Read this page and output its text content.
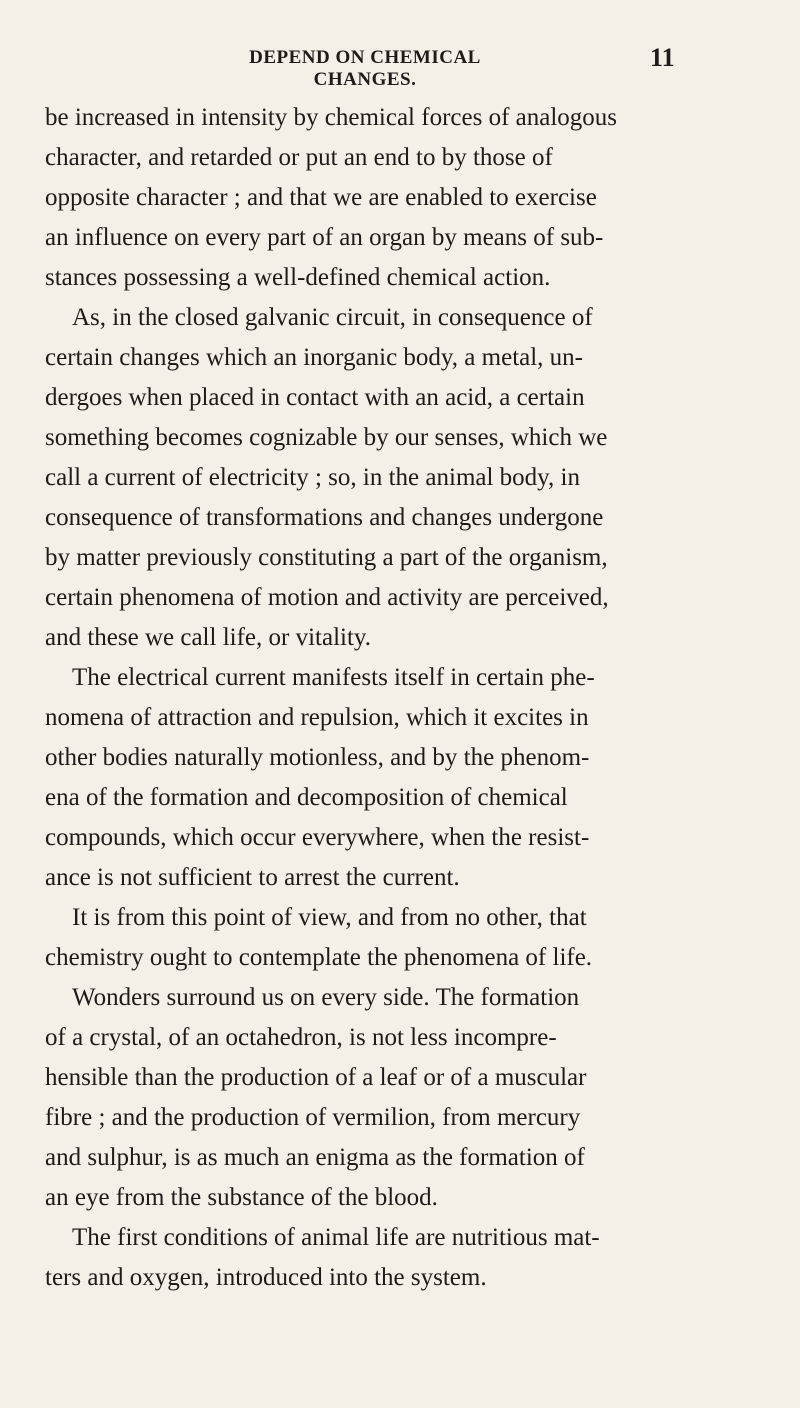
DEPEND ON CHEMICAL CHANGES.
11
be increased in intensity by chemical forces of analogous
character, and retarded or put an end to by those of
opposite character ; and that we are enabled to exercise
an influence on every part of an organ by means of sub-
stances possessing a well-defined chemical action.
As, in the closed galvanic circuit, in consequence of
certain changes which an inorganic body, a metal, un-
dergoes when placed in contact with an acid, a certain
something becomes cognizable by our senses, which we
call a current of electricity ; so, in the animal body, in
consequence of transformations and changes undergone
by matter previously constituting a part of the organism,
certain phenomena of motion and activity are perceived,
and these we call life, or vitality.
The electrical current manifests itself in certain phe-
nomena of attraction and repulsion, which it excites in
other bodies naturally motionless, and by the phenom-
ena of the formation and decomposition of chemical
compounds, which occur everywhere, when the resist-
ance is not sufficient to arrest the current.
It is from this point of view, and from no other, that
chemistry ought to contemplate the phenomena of life.
Wonders surround us on every side. The formation
of a crystal, of an octahedron, is not less incompre-
hensible than the production of a leaf or of a muscular
fibre ; and the production of vermilion, from mercury
and sulphur, is as much an enigma as the formation of
an eye from the substance of the blood.
The first conditions of animal life are nutritious mat-
ters and oxygen, introduced into the system.
